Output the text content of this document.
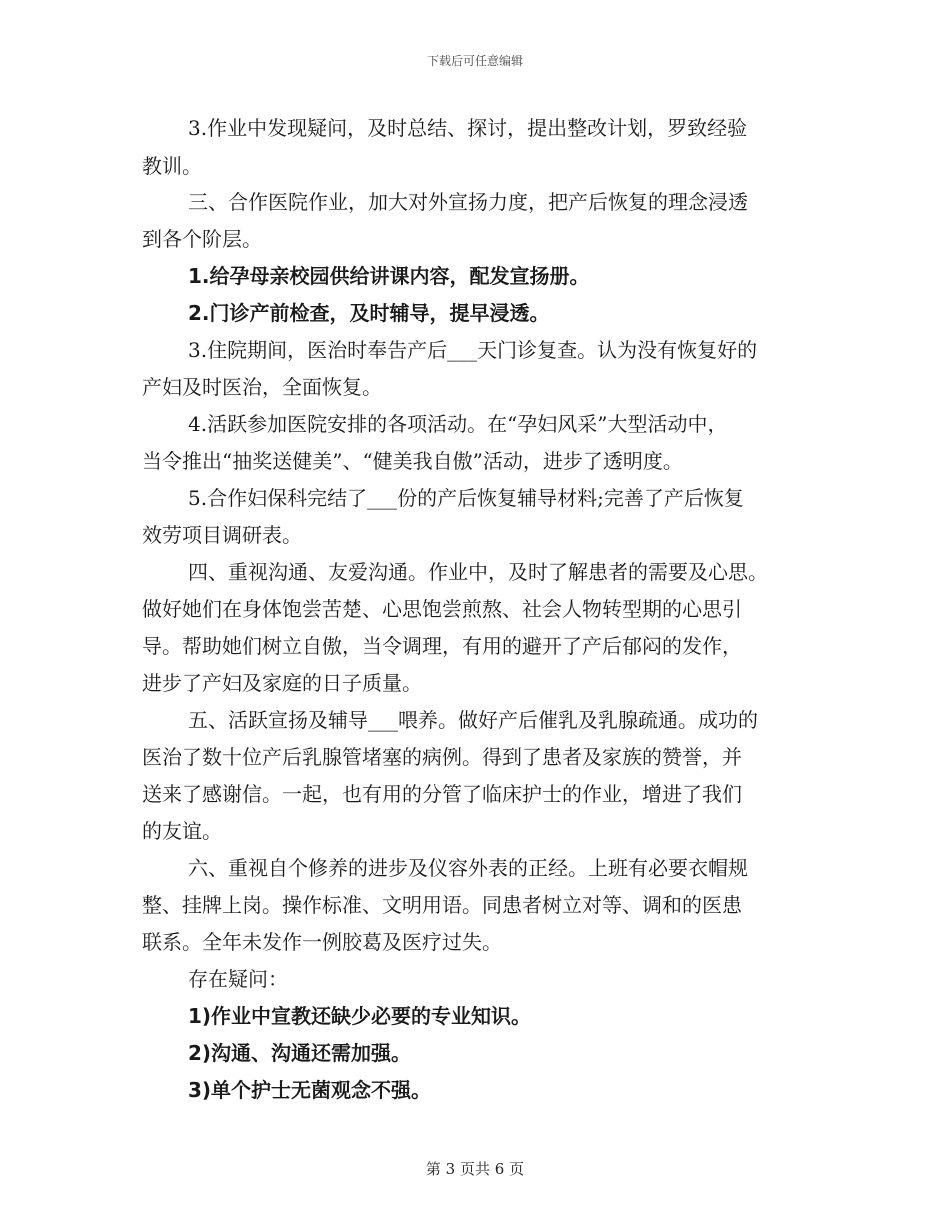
下载后可任意编辑
3.作业中发现疑问，及时总结、探讨，提出整改计划，罗致经验
教训。
三、合作医院作业，加大对外宣扬力度，把产后恢复的理念浸透
到各个阶层。
1.给孕母亲校园供给讲课内容，配发宣扬册。
2.门诊产前检查，及时辅导，提早浸透。
3.住院期间，医治时奉告产后___天门诊复查。认为没有恢复好的
产妇及时医治，全面恢复。
4.活跃参加医院安排的各项活动。在“孕妇风采”大型活动中，
当令推出“抽奖送健美”、“健美我自傲”活动，进步了透明度。
5.合作妇保科完结了___份的产后恢复辅导材料;完善了产后恢复
效劳项目调研表。
四、重视沟通、友爱沟通。作业中，及时了解患者的需要及心思。
做好她们在身体饱尝苦楚、心思饱尝煎熬、社会人物转型期的心思引
导。帮助她们树立自傲，当令调理，有用的避开了产后郁闷的发作，
进步了产妇及家庭的日子质量。
五、活跃宣扬及辅导___喂养。做好产后催乳及乳腺疏通。成功的
医治了数十位产后乳腺管堵塞的病例。得到了患者及家族的赞誉，并
送来了感谢信。一起，也有用的分管了临床护士的作业，增进了我们
的友谊。
六、重视自个修养的进步及仪容外表的正经。上班有必要衣帽规
整、挂牌上岗。操作标准、文明用语。同患者树立对等、调和的医患
联系。全年未发作一例胶葛及医疗过失。
存在疑问：
1)作业中宣教还缺少必要的专业知识。
2)沟通、沟通还需加强。
3)单个护士无菌观念不强。
第 3 页共 6 页
